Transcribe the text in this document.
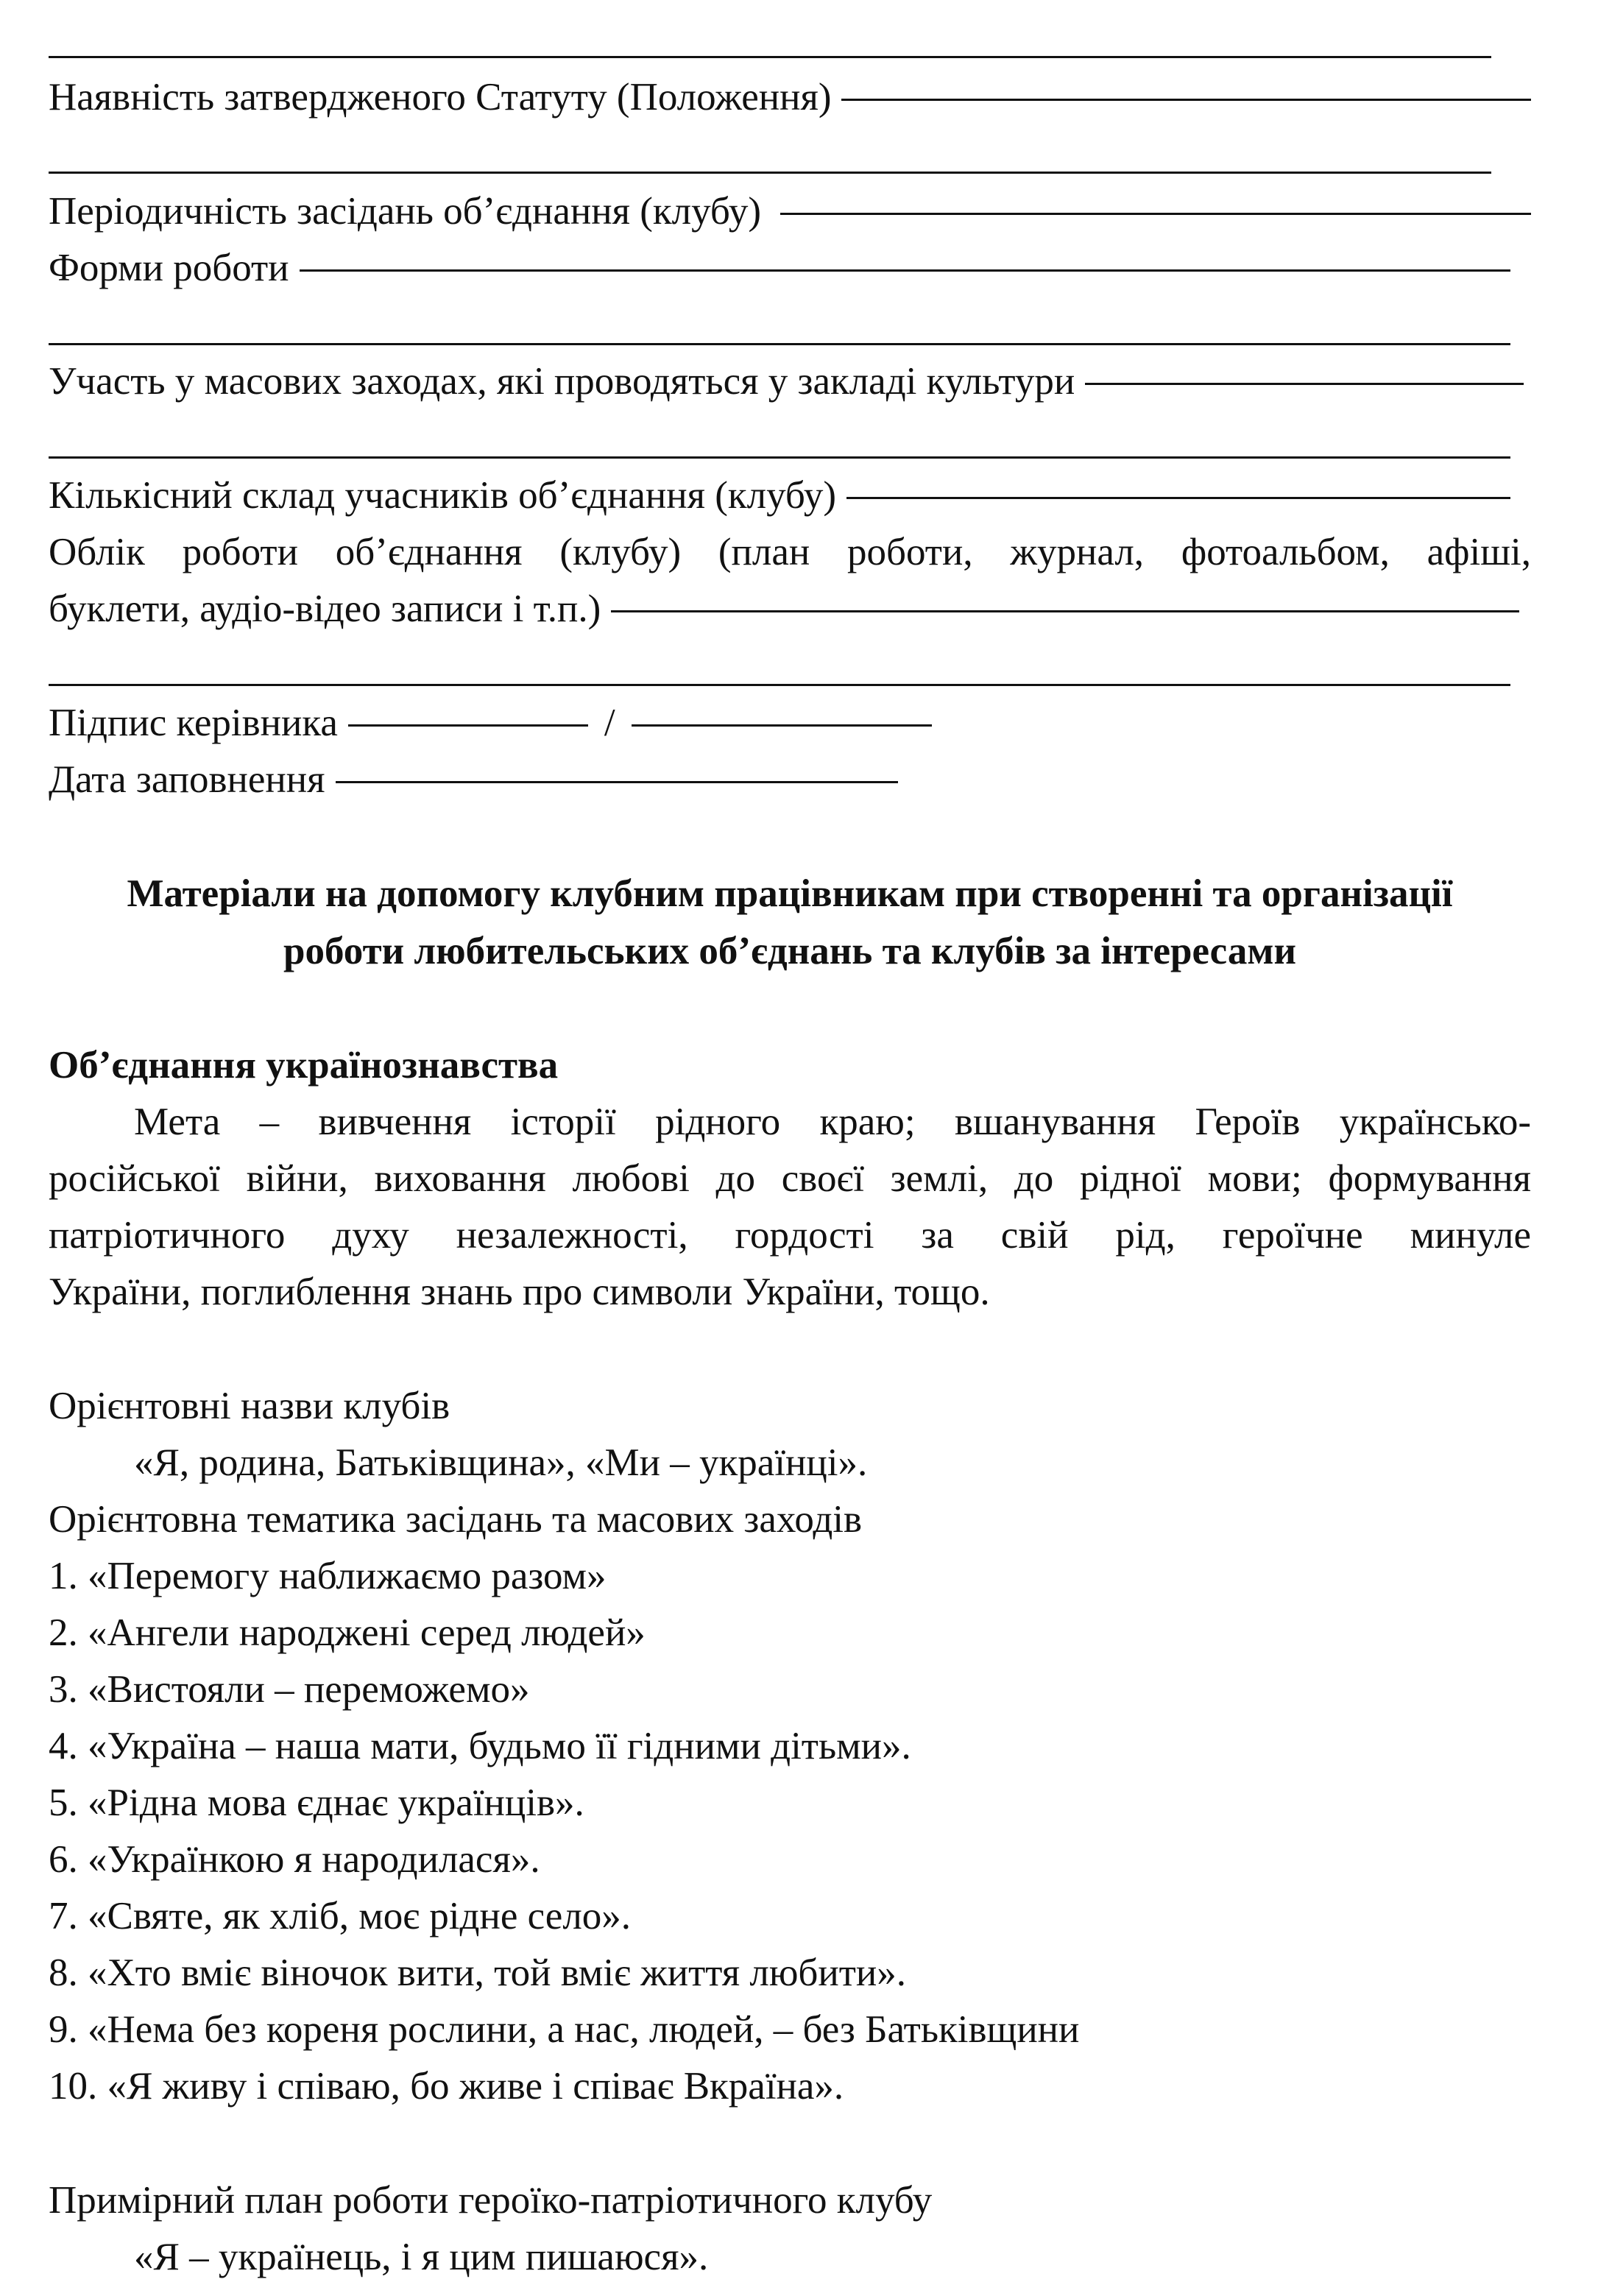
Наявність затвердженого Статуту (Положення)
Періодичність засідань об’єднання (клубу)
Форми роботи
Участь у масових заходах, які проводяться у закладі культури
Кількісний склад учасників об’єднання (клубу)
Облік роботи об’єднання (клубу) (план роботи, журнал, фотоальбом, афіші,
буклети, аудіо-відео записи і т.п.)
Підпис керівника	/
Дата заповнення
Матеріали на допомогу клубним працівникам при створенні та організації
роботи любительських об’єднань та клубів за інтересами
Об’єднання українознавства
Мета – вивчення історії рідного краю; вшанування Героїв українсько-
російської війни, виховання любові до своєї землі, до рідної мови; формування
патріотичного духу незалежності, гордості за свій рід, героїчне минуле
України, поглиблення знань про символи України, тощо.
Орієнтовні назви клубів
«Я, родина, Батьківщина», «Ми – українці».
Орієнтовна тематика засідань та масових заходів
1. «Перемогу наближаємо разом»
2. «Ангели народжені серед людей»
3. «Вистояли – переможемо»
4. «Україна – наша мати, будьмо її гідними дітьми».
5. «Рідна мова єднає українців».
6. «Українкою я народилася».
7. «Святе, як хліб, моє рідне село».
8. «Хто вміє віночок вити, той вміє життя любити».
9. «Нема без кореня рослини, а нас, людей, – без Батьківщини
10. «Я живу і співаю, бо живе і співає Вкраїна».
Примірний план роботи героїко-патріотичного клубу
«Я – українець, і я цим пишаюся».
